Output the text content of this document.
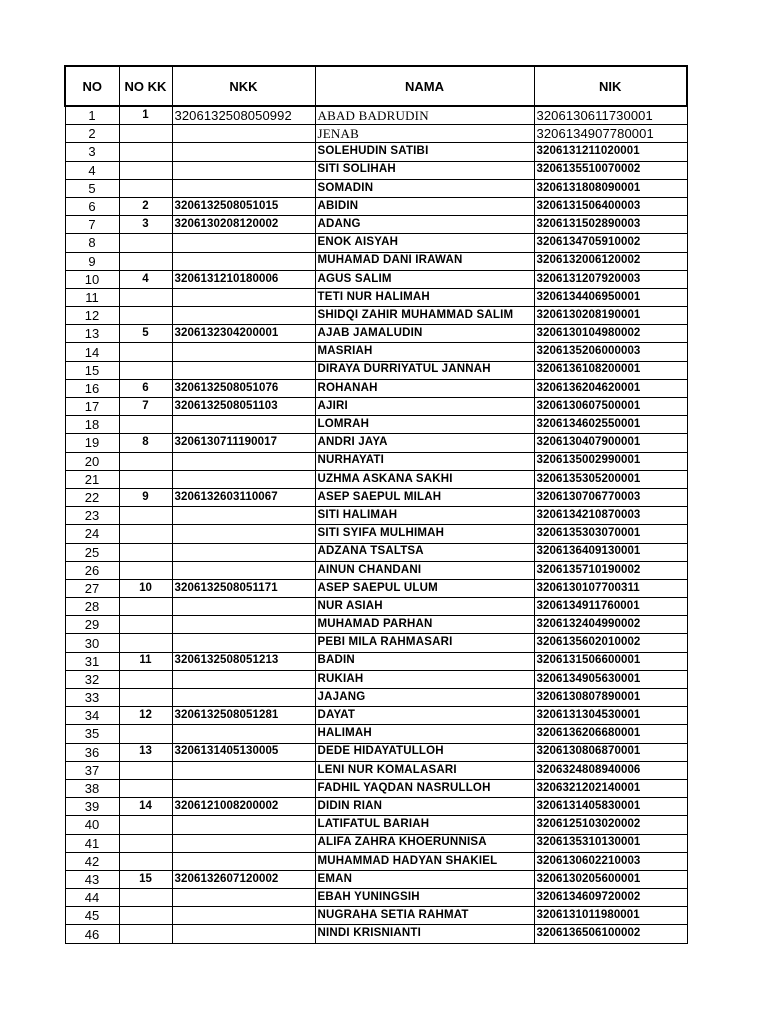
NO	NO KK	NKK	NAMA	NIK
1	1	3206132508050992	ABAD BADRUDIN	3206130611730001
2			JENAB	3206134907780001
3			SOLEHUDIN SATIBI	3206131211020001
4			SITI SOLIHAH	3206135510070002
5			SOMADIN	3206131808090001
6	2	3206132508051015	ABIDIN	3206131506400003
7	3	3206130208120002	ADANG	3206131502890003
8			ENOK AISYAH	3206134705910002
9			MUHAMAD DANI IRAWAN	3206132006120002
10	4	3206131210180006	AGUS SALIM	3206131207920003
11			TETI NUR HALIMAH	3206134406950001
12			SHIDQI ZAHIR MUHAMMAD SALIM	3206130208190001
13	5	3206132304200001	AJAB JAMALUDIN	3206130104980002
14			MASRIAH	3206135206000003
15			DIRAYA DURRIYATUL JANNAH	3206136108200001
16	6	3206132508051076	ROHANAH	3206136204620001
17	7	3206132508051103	AJIRI	3206130607500001
18			LOMRAH	3206134602550001
19	8	3206130711190017	ANDRI JAYA	3206130407900001
20			NURHAYATI	3206135002990001
21			UZHMA ASKANA SAKHI	3206135305200001
22	9	3206132603110067	ASEP SAEPUL MILAH	3206130706770003
23			SITI HALIMAH	3206134210870003
24			SITI SYIFA MULHIMAH	3206135303070001
25			ADZANA TSALTSA	3206136409130001
26			AINUN CHANDANI	3206135710190002
27	10	3206132508051171	ASEP SAEPUL ULUM	3206130107700311
28			NUR ASIAH	3206134911760001
29			MUHAMAD PARHAN	3206132404990002
30			PEBI MILA RAHMASARI	3206135602010002
31	11	3206132508051213	BADIN	3206131506600001
32			RUKIAH	3206134905630001
33			JAJANG	3206130807890001
34	12	3206132508051281	DAYAT	3206131304530001
35			HALIMAH	3206136206680001
36	13	3206131405130005	DEDE HIDAYATULLOH	3206130806870001
37			LENI NUR KOMALASARI	3206324808940006
38			FADHIL YAQDAN NASRULLOH	3206321202140001
39	14	3206121008200002	DIDIN RIAN	3206131405830001
40			LATIFATUL BARIAH	3206125103020002
41			ALIFA ZAHRA KHOERUNNISA	3206135310130001
42			MUHAMMAD HADYAN SHAKIEL	3206130602210003
43	15	3206132607120002	EMAN	3206130205600001
44			EBAH YUNINGSIH	3206134609720002
45			NUGRAHA SETIA RAHMAT	3206131011980001
46			NINDI KRISNIANTI	3206136506100002
